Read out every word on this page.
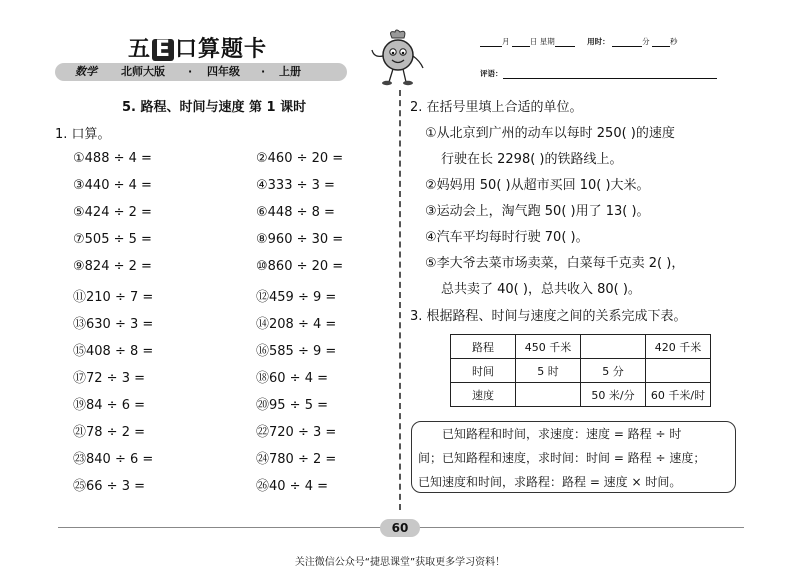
五 E 口算题卡
数学 北师大版 · 四年级 · 上册
月	日 星期	用时：	分	秒
评语：
5. 路程、时间与速度 第 1 课时
1. 口算。
①488 ÷ 4 =
③440 ÷ 4 =
⑤424 ÷ 2 =
⑦505 ÷ 5 =
⑨824 ÷ 2 =
⑪210 ÷ 7 =
⑬630 ÷ 3 =
⑮408 ÷ 8 =
⑰72 ÷ 3 =
⑲84 ÷ 6 =
㉑78 ÷ 2 =
㉓840 ÷ 6 =
㉕66 ÷ 3 =
②460 ÷ 20 =
④333 ÷ 3 =
⑥448 ÷ 8 =
⑧960 ÷ 30 =
⑩860 ÷ 20 =
⑫459 ÷ 9 =
⑭208 ÷ 4 =
⑯585 ÷ 9 =
⑱60 ÷ 4 =
⑳95 ÷ 5 =
㉒720 ÷ 3 =
㉔780 ÷ 2 =
㉖40 ÷ 4 =
2. 在括号里填上合适的单位。
①从北京到广州的动车以每时 250( )的速度
行驶在长 2298( )的铁路线上。
②妈妈用 50( )从超市买回 10( )大米。
③运动会上，淘气跑 50( )用了 13( )。
④汽车平均每时行驶 70( )。
⑤李大爷去菜市场卖菜，白菜每千克卖 2( )，
总共卖了 40( )，总共收入 80( )。
3. 根据路程、时间与速度之间的关系完成下表。
路程	450 千米		420 千米
时间	5 时	5 分	
速度		50 米/分	60 千米/时
已知路程和时间，求速度：速度 = 路程 ÷ 时
间；已知路程和速度，求时间：时间 = 路程 ÷ 速度；
已知速度和时间，求路程：路程 = 速度 × 时间。
60
关注微信公众号“捷思课堂”获取更多学习资料！
